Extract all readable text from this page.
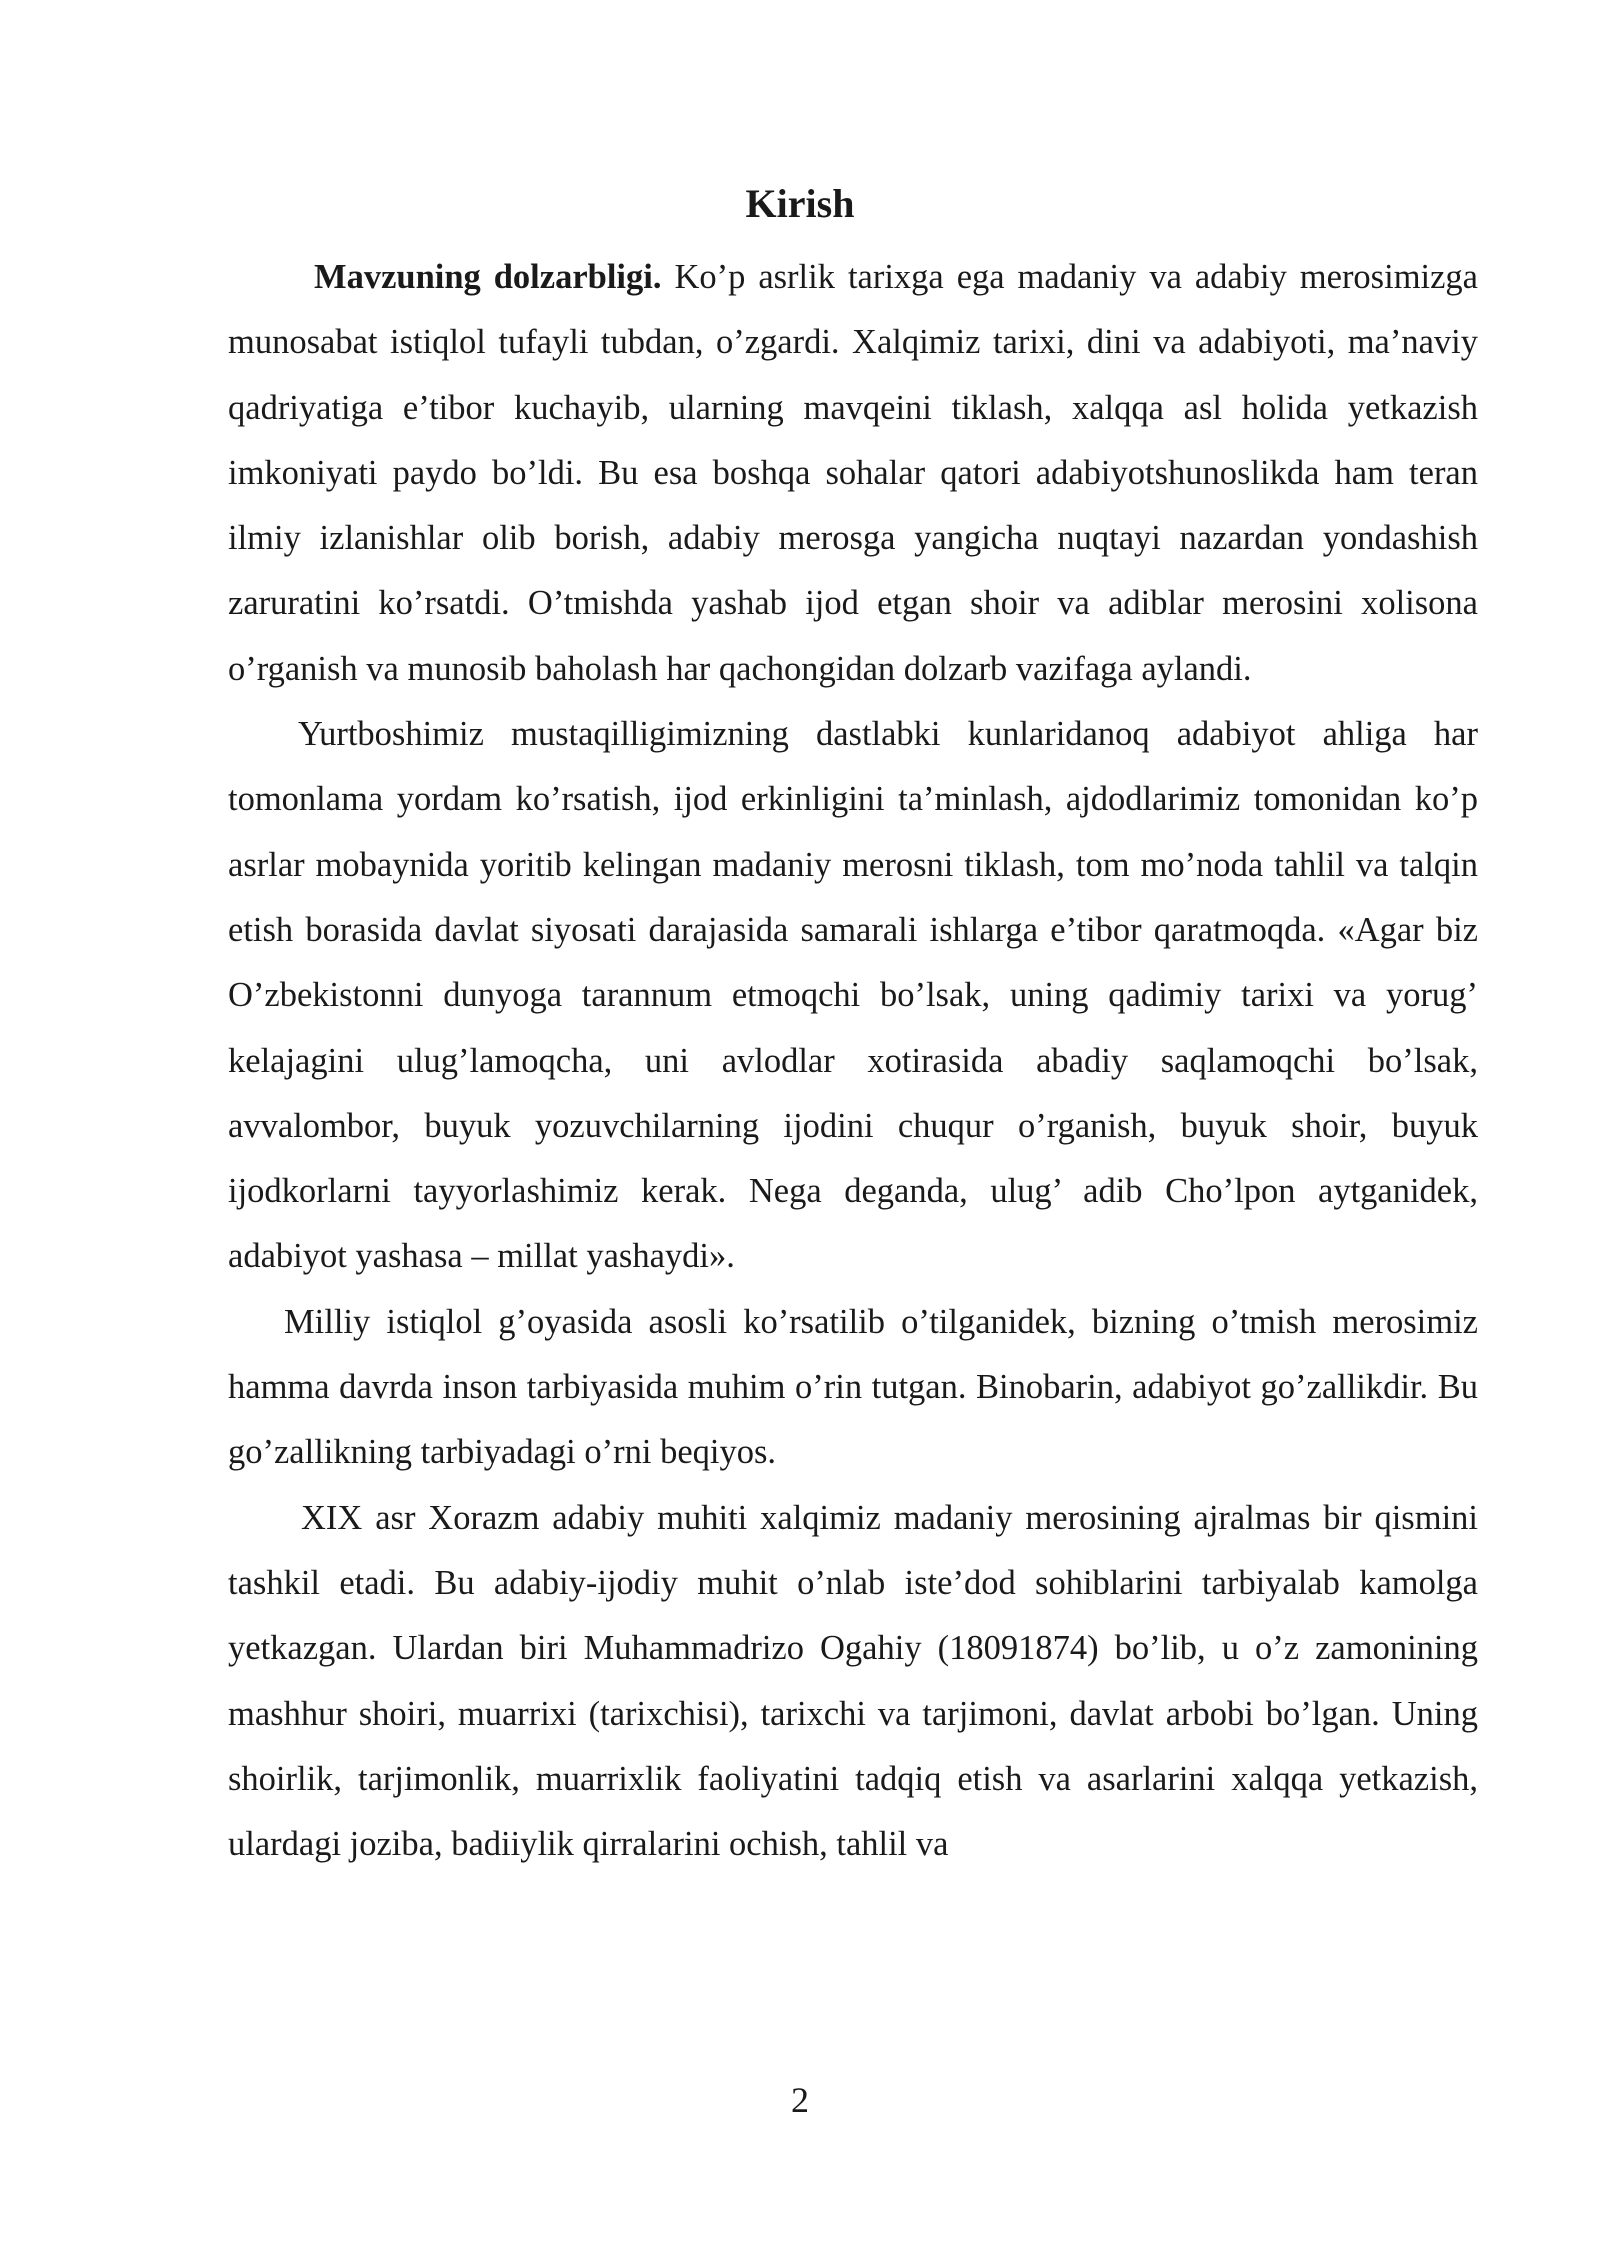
Kirish

Mavzuning dolzarbligi. Ko’p asrlik tarixga ega madaniy va adabiy merosimizga munosabat istiqlol tufayli tubdan, o’zgardi. Xalqimiz tarixi, dini va adabiyoti, ma’naviy qadriyatiga e’tibor kuchayib, ularning mavqeini tiklash, xalqqa asl holida yetkazish imkoniyati paydo bo’ldi. Bu esa boshqa sohalar qatori adabiyotshunoslikda ham teran ilmiy izlanishlar olib borish, adabiy merosga yangicha nuqtayi nazardan yondashish zaruratini ko’rsatdi. O’tmishda yashab ijod etgan shoir va adiblar merosini xolisona o’rganish va munosib baholash har qachongidan dolzarb vazifaga aylandi.

Yurtboshimiz mustaqilligimizning dastlabki kunlaridanoq adabiyot ahliga har tomonlama yordam ko’rsatish, ijod erkinligini ta’minlash, ajdodlarimiz tomonidan ko’p asrlar mobaynida yoritib kelingan madaniy merosni tiklash, tom mo’noda tahlil va talqin etish borasida davlat siyosati darajasida samarali ishlarga e’tibor qaratmoqda. «Agar biz O’zbekistonni dunyoga tarannum etmoqchi bo’lsak, uning qadimiy tarixi va yorug’ kelajagini ulug’lamoqcha, uni avlodlar xotirasida abadiy saqlamoqchi bo’lsak, avvalombor, buyuk yozuvchilarning ijodini chuqur o’rganish, buyuk shoir, buyuk ijodkorlarni tayyorlashimiz kerak. Nega deganda, ulug’ adib Cho’lpon aytganidek, adabiyot yashasa – millat yashaydi».

Milliy istiqlol g’oyasida asosli ko’rsatilib o’tilganidek, bizning o’tmish merosimiz hamma davrda inson tarbiyasida muhim o’rin tutgan. Binobarin, adabiyot go’zallikdir. Bu go’zallikning tarbiyadagi o’rni beqiyos.

XIX asr Xorazm adabiy muhiti xalqimiz madaniy merosining ajralmas bir qismini tashkil etadi. Bu adabiy-ijodiy muhit o’nlab iste’dod sohiblarini tarbiyalab kamolga yetkazgan. Ulardan biri Muhammadrizo Ogahiy (18091874) bo’lib, u o’z zamonining mashhur shoiri, muarrixi (tarixchisi), tarixchi va tarjimoni, davlat arbobi bo’lgan. Uning shoirlik, tarjimonlik, muarrixlik faoliyatini tadqiq etish va asarlarini xalqqa yetkazish, ulardagi joziba, badiiylik qirralarini ochish, tahlil va

2
